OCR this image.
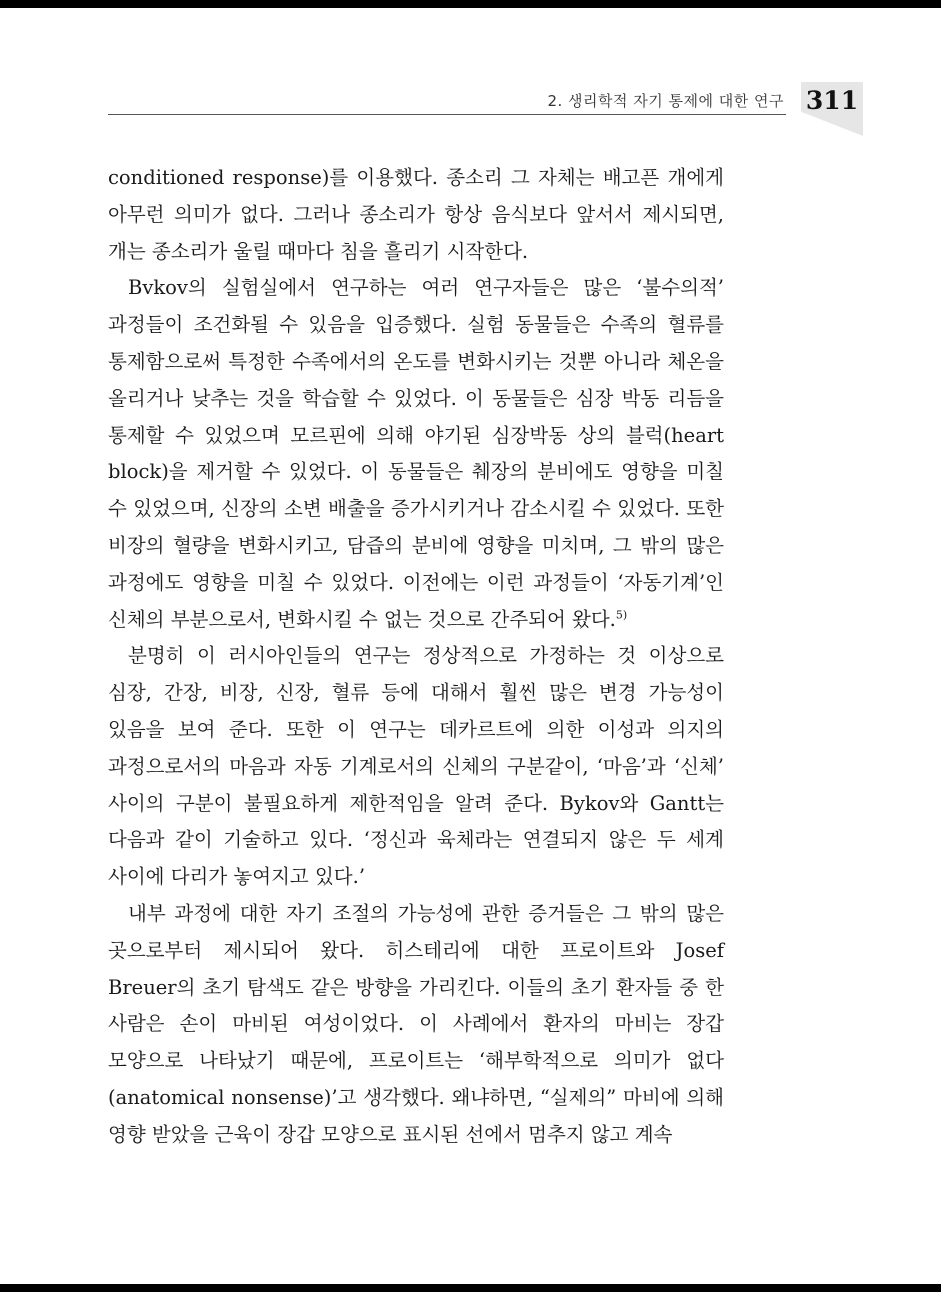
2. 생리학적 자기 통제에 대한 연구 311

conditioned response)를 이용했다. 종소리 그 자체는 배고픈 개에게 아무런 의미가 없다. 그러나 종소리가 항상 음식보다 앞서서 제시되면, 개는 종소리가 울릴 때마다 침을 흘리기 시작한다.

Bvkov의 실험실에서 연구하는 여러 연구자들은 많은 ‘불수의적’ 과정들이 조건화될 수 있음을 입증했다. 실험 동물들은 수족의 혈류를 통제함으로써 특정한 수족에서의 온도를 변화시키는 것뿐 아니라 체온을 올리거나 낮추는 것을 학습할 수 있었다. 이 동물들은 심장 박동 리듬을 통제할 수 있었으며 모르핀에 의해 야기된 심장박동 상의 블럭(heart block)을 제거할 수 있었다. 이 동물들은 췌장의 분비에도 영향을 미칠 수 있었으며, 신장의 소변 배출을 증가시키거나 감소시킬 수 있었다. 또한 비장의 혈량을 변화시키고, 담즙의 분비에 영향을 미치며, 그 밖의 많은 과정에도 영향을 미칠 수 있었다. 이전에는 이런 과정들이 ‘자동기계’인 신체의 부분으로서, 변화시킬 수 없는 것으로 간주되어 왔다.$^{5)}$

분명히 이 러시아인들의 연구는 정상적으로 가정하는 것 이상으로 심장, 간장, 비장, 신장, 혈류 등에 대해서 훨씬 많은 변경 가능성이 있음을 보여 준다. 또한 이 연구는 데카르트에 의한 이성과 의지의 과정으로서의 마음과 자동 기계로서의 신체의 구분같이, ‘마음’과 ‘신체’ 사이의 구분이 불필요하게 제한적임을 알려 준다. Bykov와 Gantt는 다음과 같이 기술하고 있다. ‘정신과 육체라는 연결되지 않은 두 세계 사이에 다리가 놓여지고 있다.’

내부 과정에 대한 자기 조절의 가능성에 관한 증거들은 그 밖의 많은 곳으로부터 제시되어 왔다. 히스테리에 대한 프로이트와 Josef Breuer의 초기 탐색도 같은 방향을 가리킨다. 이들의 초기 환자들 중 한 사람은 손이 마비된 여성이었다. 이 사례에서 환자의 마비는 장갑 모양으로 나타났기 때문에, 프로이트는 ‘해부학적으로 의미가 없다(anatomical nonsense)’고 생각했다. 왜냐하면, “실제의” 마비에 의해 영향 받았을 근육이 장갑 모양으로 표시된 선에서 멈추지 않고 계속
